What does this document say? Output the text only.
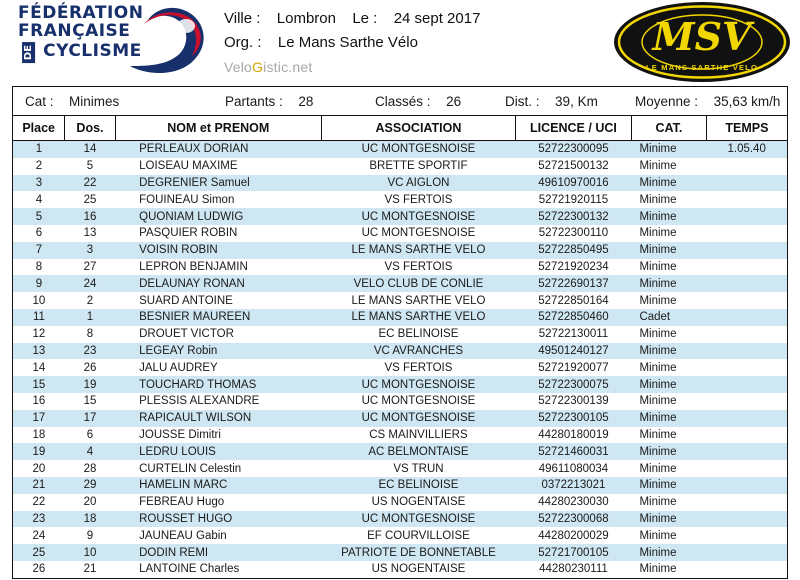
FÉDÉRATION
FRANÇAISE
DE CYCLISME
Ville : Lombron Le : 24 sept 2017
Org. : Le Mans Sarthe Vélo
VeloGistic.net
MSV
LE MANS SARTHE VELO
Cat : Minimes	Partants : 28	Classés : 26	Dist. : 39, Km	Moyenne : 35,63 km/h
Place	Dos.	NOM et PRENOM	ASSOCIATION	LICENCE / UCI	CAT.	TEMPS
1	14	PERLEAUX DORIAN	UC MONTGESNOISE	52722300095	Minime	1.05.40
2	5	LOISEAU MAXIME	BRETTE SPORTIF	52721500132	Minime	
3	22	DEGRENIER Samuel	VC AIGLON	49610970016	Minime	
4	25	FOUINEAU Simon	VS FERTOIS	52721920115	Minime	
5	16	QUONIAM LUDWIG	UC MONTGESNOISE	52722300132	Minime	
6	13	PASQUIER ROBIN	UC MONTGESNOISE	52722300110	Minime	
7	3	VOISIN ROBIN	LE MANS SARTHE VELO	52722850495	Minime	
8	27	LEPRON BENJAMIN	VS FERTOIS	52721920234	Minime	
9	24	DELAUNAY RONAN	VELO CLUB DE CONLIE	52722690137	Minime	
10	2	SUARD ANTOINE	LE MANS SARTHE VELO	52722850164	Minime	
11	1	BESNIER MAUREEN	LE MANS SARTHE VELO	52722850460	Cadet	
12	8	DROUET VICTOR	EC BELINOISE	52722130011	Minime	
13	23	LEGEAY Robin	VC AVRANCHES	49501240127	Minime	
14	26	JALU AUDREY	VS FERTOIS	52721920077	Minime	
15	19	TOUCHARD THOMAS	UC MONTGESNOISE	52722300075	Minime	
16	15	PLESSIS ALEXANDRE	UC MONTGESNOISE	52722300139	Minime	
17	17	RAPICAULT WILSON	UC MONTGESNOISE	52722300105	Minime	
18	6	JOUSSE Dimitri	CS MAINVILLIERS	44280180019	Minime	
19	4	LEDRU LOUIS	AC BELMONTAISE	52721460031	Minime	
20	28	CURTELIN Celestin	VS TRUN	49611080034	Minime	
21	29	HAMELIN MARC	EC BELINOISE	0372213021	Minime	
22	20	FEBREAU Hugo	US NOGENTAISE	44280230030	Minime	
23	18	ROUSSET HUGO	UC MONTGESNOISE	52722300068	Minime	
24	9	JAUNEAU Gabin	EF COURVILLOISE	44280200029	Minime	
25	10	DODIN REMI	PATRIOTE DE BONNETABLE	52721700105	Minime	
26	21	LANTOINE Charles	US NOGENTAISE	44280230111	Minime	
